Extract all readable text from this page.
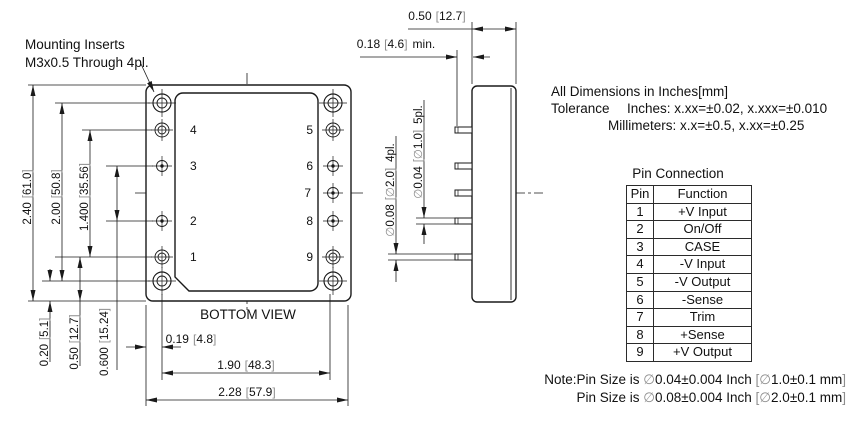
4
3
2
1
5
6
7
8
9
BOTTOM VIEW
Mounting Inserts
M3x0.5 Through 4pl.
2.40[61.0]
2.00[50.8]
1.400[35.56]
0.20[5.1]
0.50[12.7]
0.600[15.24]
0.19 [4.8]
1.90 [48.3]
2.28 [57.9]
0.50 [12.7]
0.18 [4.6] min.
∅0.08[∅2.0]4pl.
∅0.04[∅1.0]5pl.
All Dimensions in Inches[mm]
Tolerance Inches: x.xx=±0.02, x.xxx=±0.010
Millimeters: x.x=±0.5, x.xx=±0.25
Pin Connection
Pin	Function
1	+V Input
2	On/Off
3	CASE
4	-V Input
5	-V Output
6	-Sense
7	Trim
8	+Sense
9	+V Output
Note:Pin Size is ∅0.04±0.004 Inch [∅1.0±0.1 mm]
Pin Size is ∅0.08±0.004 Inch [∅2.0±0.1 mm]
